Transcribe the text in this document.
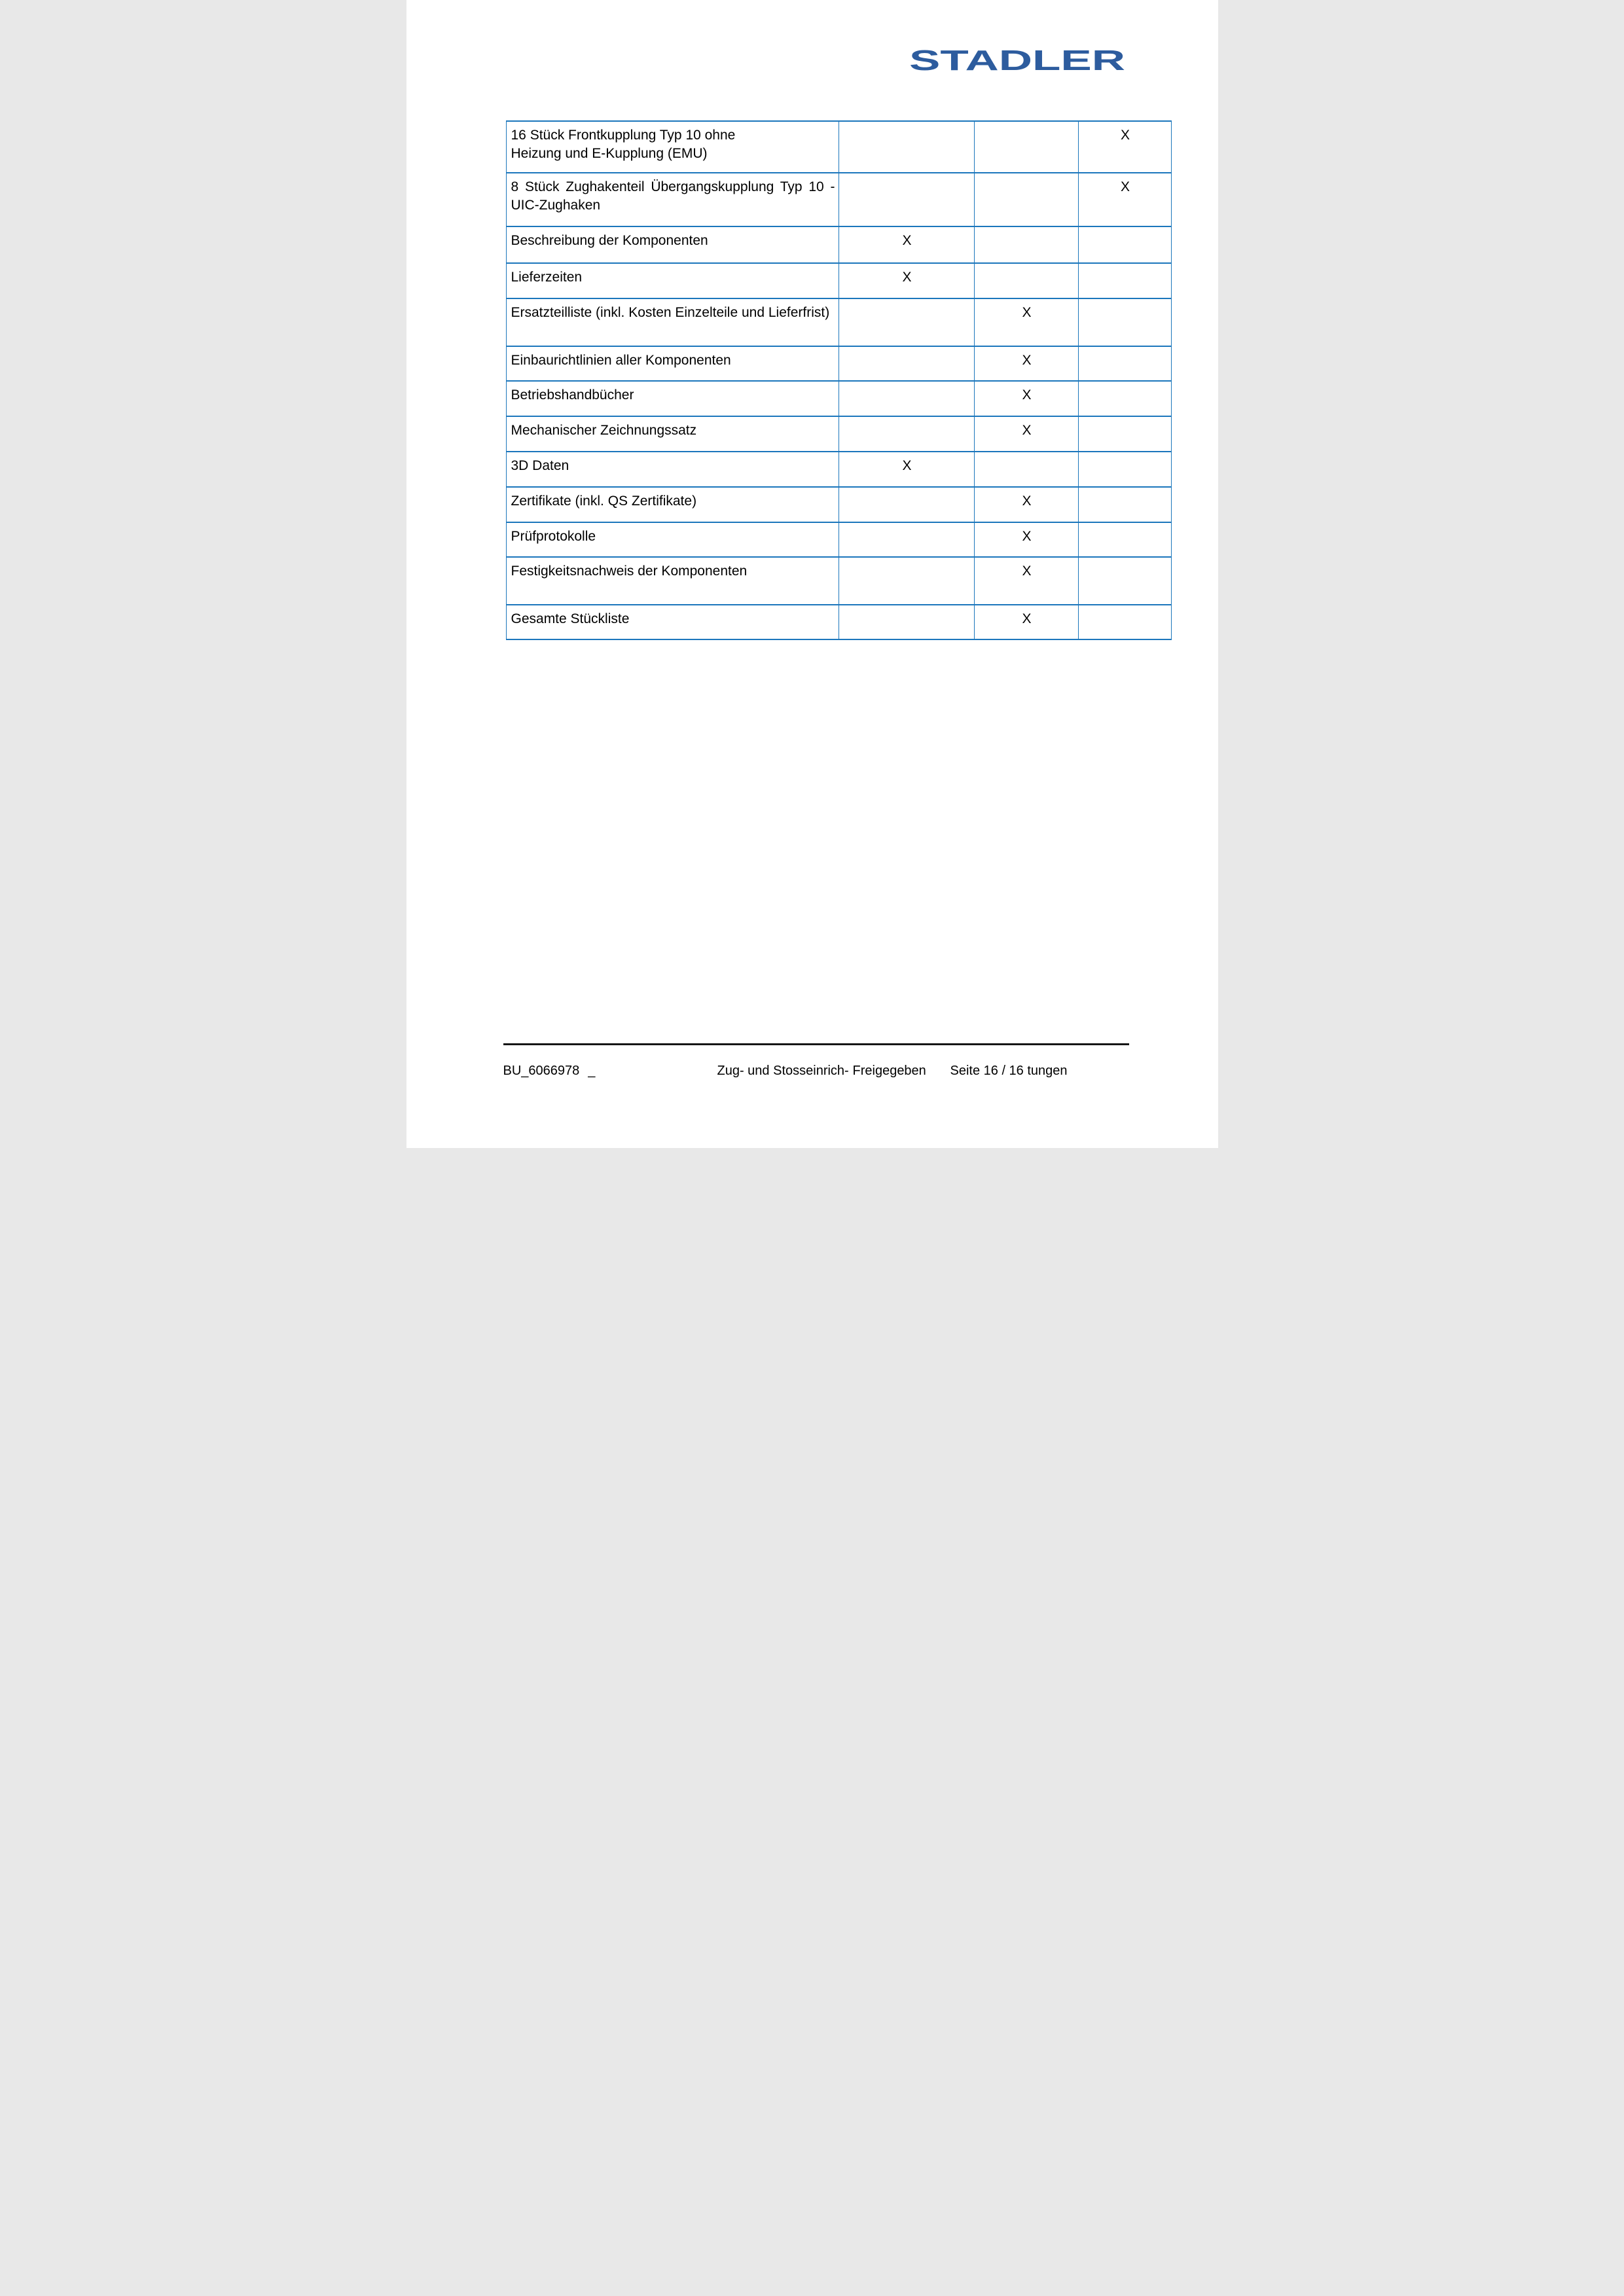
STADLER
16 Stück Frontkupplung Typ 10 ohne
Heizung und E-Kupplung (EMU)			X

8 Stück Zughakenteil Übergangskupplung Typ 10 -
UIC-Zughaken			X
Beschreibung der Komponenten	X		
Lieferzeiten	X		
Ersatzteilliste (inkl. Kosten Einzelteile und Lieferfrist)		X	
Einbaurichtlinien aller Komponenten		X	
Betriebshandbücher		X	
Mechanischer Zeichnungssatz		X	
3D Daten	X		
Zertifikate (inkl. QS Zertifikate)		X	
Prüfprotokolle		X	
Festigkeitsnachweis der Komponenten		X	
Gesamte Stückliste		X	
BU_6066978 _	Zug- und Stosseinrich- Freigegeben Seite 16 / 16 tungen
